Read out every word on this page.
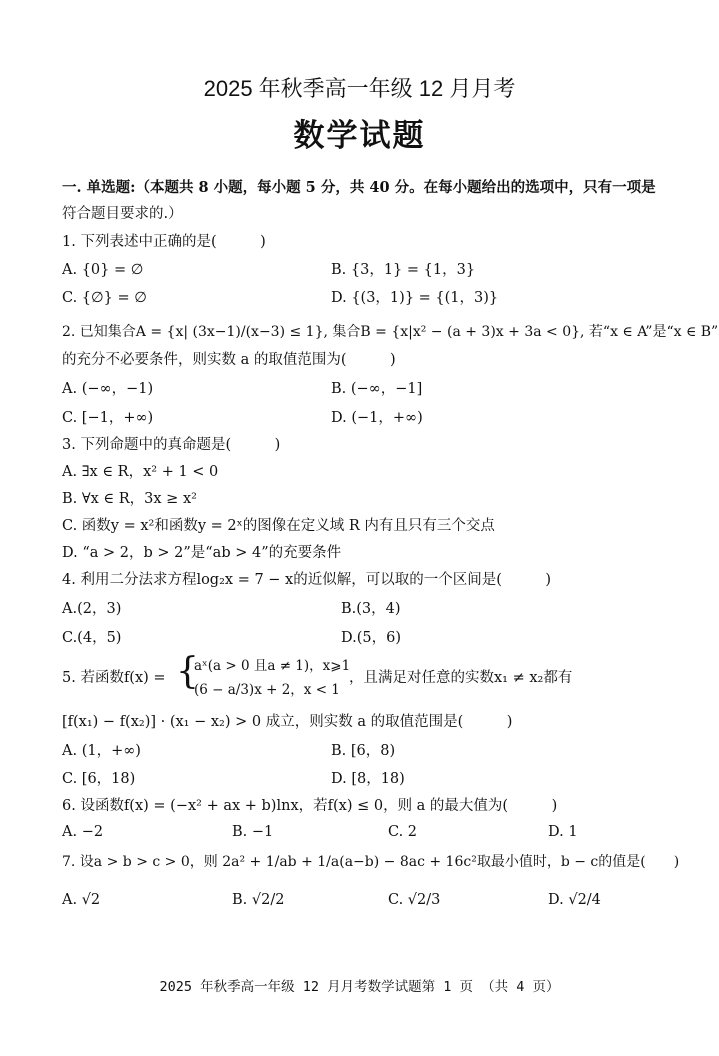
2025 年秋季高一年级 12 月月考
数学试题
一. 单选题:（本题共 8 小题，每小题 5 分，共 40 分。在每小题给出的选项中，只有一项是
符合题目要求的.）
1. 下列表述中正确的是(　　　)
A. {0} = ∅	B. {3，1} = {1，3}
C. {∅} = ∅	D. {(3，1)} = {(1，3)}
2. 已知集合A = {x| (3x−1)/(x−3) ≤ 1}, 集合B = {x|x² − (a + 3)x + 3a < 0}, 若“x ∈ A”是“x ∈ B”
的充分不必要条件，则实数 a 的取值范围为(　　　)
A. (−∞，−1)	B. (−∞，−1]
C. [−1，+∞)	D. (−1，+∞)
3. 下列命题中的真命题是(　　　)
A. ∃x ∈ R，x² + 1 < 0
B. ∀x ∈ R，3x ≥ x²
C. 函数y = x²和函数y = 2ˣ的图像在定义域 R 内有且只有三个交点
D. “a > 2，b > 2”是“ab > 4”的充要条件
4. 利用二分法求方程log₂x = 7 − x的近似解，可以取的一个区间是(　　　)
A.(2，3)	B.(3，4)
C.(4，5)	D.(5，6)
5. 若函数f(x) = {
aˣ(a > 0 且a ≠ 1)，x⩾1
(6 − a/3)x + 2，x < 1
，且满足对任意的实数x₁ ≠ x₂都有
[f(x₁) − f(x₂)] · (x₁ − x₂) > 0 成立，则实数 a 的取值范围是(　　　)
A. (1，+∞)	B. [6，8)
C. [6，18)	D. [8，18)
6. 设函数f(x) = (−x² + ax + b)lnx，若f(x) ≤ 0，则 a 的最大值为(　　　)
A. −2	B. −1	C. 2	D. 1
7. 设a > b > c > 0，则 2a² + 1/ab + 1/a(a−b) − 8ac + 16c²取最小值时，b − c的值是(　　)
A. √2	B. √2/2	C. √2/3	D. √2/4
2025 年秋季高一年级 12 月月考数学试题第 1 页 （共 4 页）
